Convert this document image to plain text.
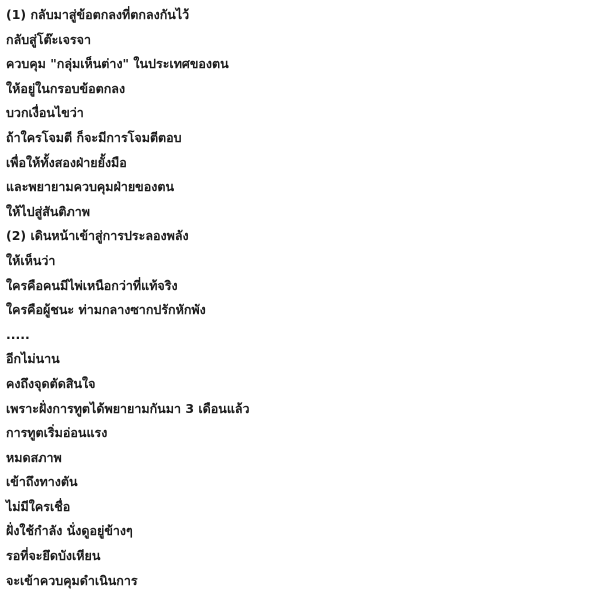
(1) กลับมาสู่ข้อตกลงที่ตกลงกันไว้
กลับสู่โต๊ะเจรจา
ควบคุม "กลุ่มเห็นต่าง" ในประเทศของตน
ให้อยู่ในกรอบข้อตกลง
บวกเงื่อนไขว่า
ถ้าใครโจมตี ก็จะมีการโจมตีตอบ
เพื่อให้ทั้งสองฝ่ายยั้งมือ
และพยายามควบคุมฝ่ายของตน
ให้ไปสู่สันติภาพ
(2) เดินหน้าเข้าสู่การประลองพลัง
ให้เห็นว่า
ใครคือคนมีไพ่เหนือกว่าที่แท้จริง
ใครคือผู้ชนะ ท่ามกลางซากปรักหักพัง
.....
อีกไม่นาน
คงถึงจุดตัดสินใจ
เพราะฝั่งการทูตได้พยายามกันมา 3 เดือนแล้ว
การทูตเริ่มอ่อนแรง
หมดสภาพ
เข้าถึงทางตัน
ไม่มีใครเชื่อ
ฝั่งใช้กำลัง นั่งดูอยู่ข้างๆ
รอที่จะยึดบังเหียน
จะเข้าควบคุมดำเนินการ
